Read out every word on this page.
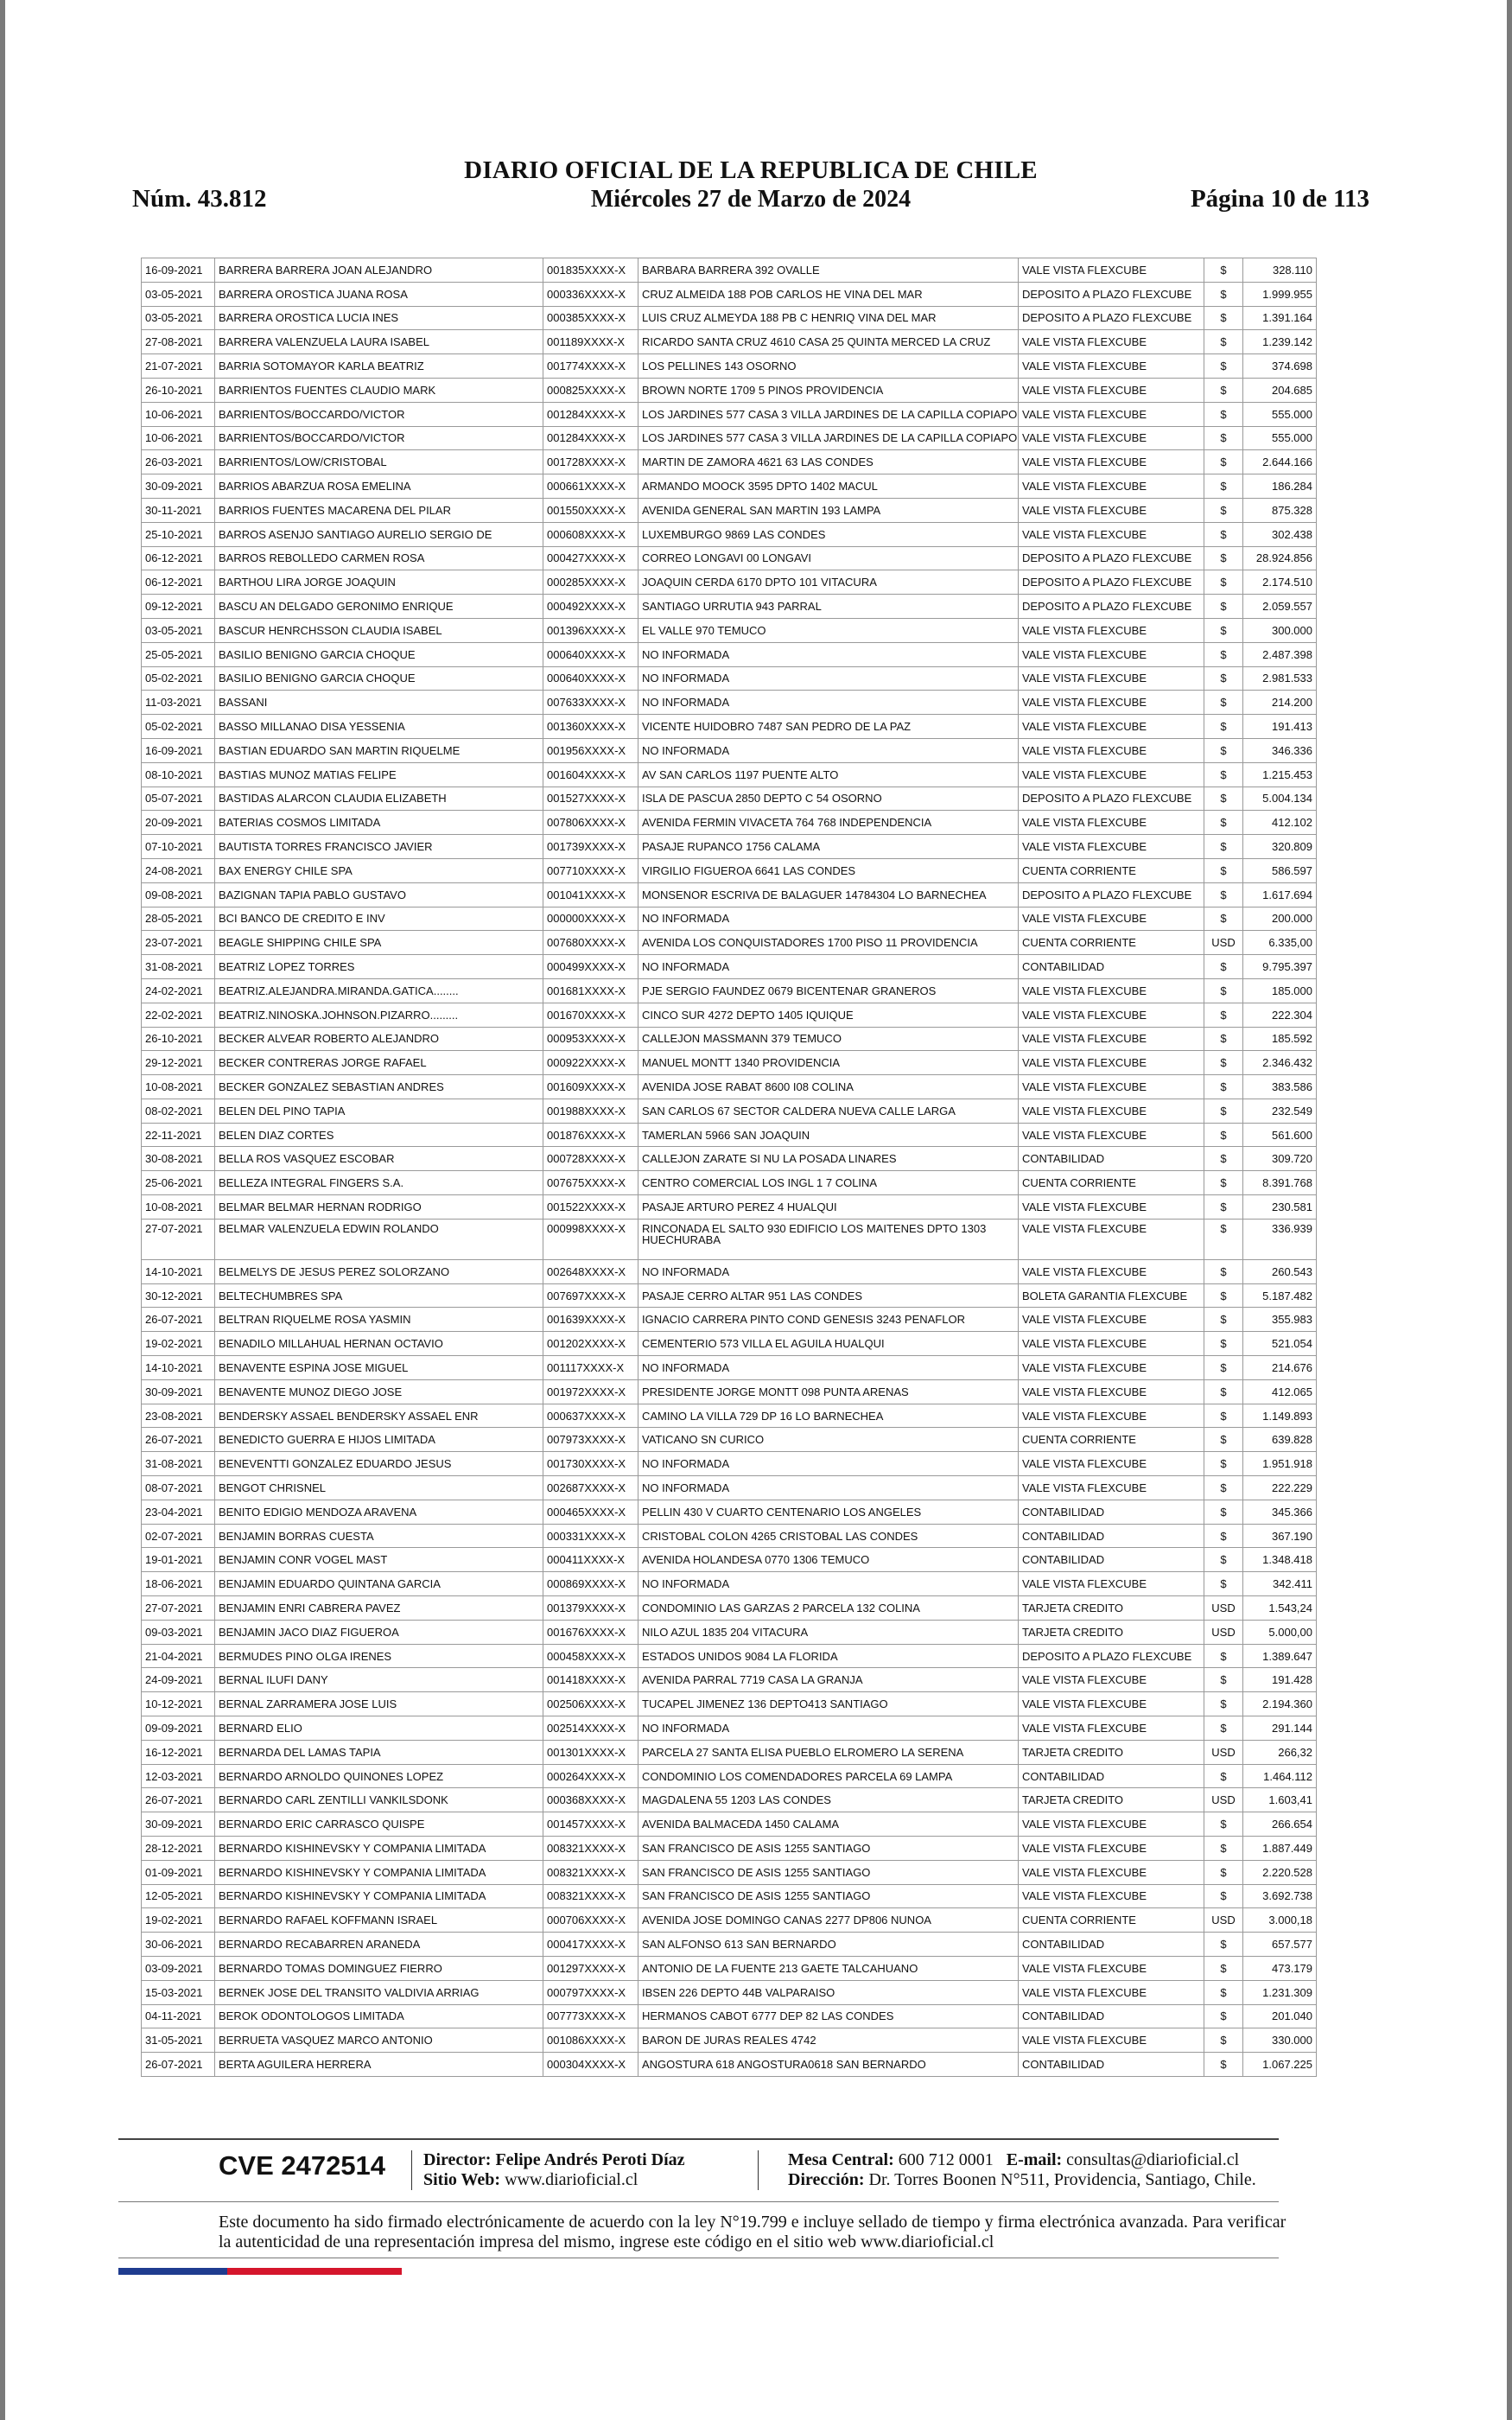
Núm. 43.812
DIARIO OFICIAL DE LA REPUBLICA DE CHILE
Miércoles 27 de Marzo de 2024	Página 10 de 113
16-09-2021	BARRERA BARRERA JOAN ALEJANDRO	001835XXXX-X	BARBARA BARRERA 392 OVALLE	VALE VISTA FLEXCUBE	$	328.110
03-05-2021	BARRERA OROSTICA JUANA ROSA	000336XXXX-X	CRUZ ALMEIDA 188 POB CARLOS HE VINA DEL MAR	DEPOSITO A PLAZO FLEXCUBE	$	1.999.955
03-05-2021	BARRERA OROSTICA LUCIA INES	000385XXXX-X	LUIS CRUZ ALMEYDA 188 PB C HENRIQ VINA DEL MAR	DEPOSITO A PLAZO FLEXCUBE	$	1.391.164
27-08-2021	BARRERA VALENZUELA LAURA ISABEL	001189XXXX-X	RICARDO SANTA CRUZ 4610 CASA 25 QUINTA MERCED LA CRUZ	VALE VISTA FLEXCUBE	$	1.239.142
21-07-2021	BARRIA SOTOMAYOR KARLA BEATRIZ	001774XXXX-X	LOS PELLINES 143 OSORNO	VALE VISTA FLEXCUBE	$	374.698
26-10-2021	BARRIENTOS FUENTES CLAUDIO MARK	000825XXXX-X	BROWN NORTE 1709 5 PINOS PROVIDENCIA	VALE VISTA FLEXCUBE	$	204.685
10-06-2021	BARRIENTOS/BOCCARDO/VICTOR	001284XXXX-X	LOS JARDINES 577 CASA 3 VILLA JARDINES DE LA CAPILLA COPIAPO	VALE VISTA FLEXCUBE	$	555.000
10-06-2021	BARRIENTOS/BOCCARDO/VICTOR	001284XXXX-X	LOS JARDINES 577 CASA 3 VILLA JARDINES DE LA CAPILLA COPIAPO	VALE VISTA FLEXCUBE	$	555.000
26-03-2021	BARRIENTOS/LOW/CRISTOBAL	001728XXXX-X	MARTIN DE ZAMORA 4621 63 LAS CONDES	VALE VISTA FLEXCUBE	$	2.644.166
30-09-2021	BARRIOS ABARZUA ROSA EMELINA	000661XXXX-X	ARMANDO MOOCK 3595 DPTO 1402 MACUL	VALE VISTA FLEXCUBE	$	186.284
30-11-2021	BARRIOS FUENTES MACARENA DEL PILAR	001550XXXX-X	AVENIDA GENERAL SAN MARTIN 193 LAMPA	VALE VISTA FLEXCUBE	$	875.328
25-10-2021	BARROS ASENJO SANTIAGO AURELIO SERGIO DE	000608XXXX-X	LUXEMBURGO 9869 LAS CONDES	VALE VISTA FLEXCUBE	$	302.438
06-12-2021	BARROS REBOLLEDO CARMEN ROSA	000427XXXX-X	CORREO LONGAVI 00 LONGAVI	DEPOSITO A PLAZO FLEXCUBE	$	28.924.856
06-12-2021	BARTHOU LIRA JORGE JOAQUIN	000285XXXX-X	JOAQUIN CERDA 6170 DPTO 101 VITACURA	DEPOSITO A PLAZO FLEXCUBE	$	2.174.510
09-12-2021	BASCU AN DELGADO GERONIMO ENRIQUE	000492XXXX-X	SANTIAGO URRUTIA 943 PARRAL	DEPOSITO A PLAZO FLEXCUBE	$	2.059.557
03-05-2021	BASCUR HENRCHSSON CLAUDIA ISABEL	001396XXXX-X	EL VALLE 970 TEMUCO	VALE VISTA FLEXCUBE	$	300.000
25-05-2021	BASILIO BENIGNO GARCIA CHOQUE	000640XXXX-X	NO INFORMADA	VALE VISTA FLEXCUBE	$	2.487.398
05-02-2021	BASILIO BENIGNO GARCIA CHOQUE	000640XXXX-X	NO INFORMADA	VALE VISTA FLEXCUBE	$	2.981.533
11-03-2021	BASSANI	007633XXXX-X	NO INFORMADA	VALE VISTA FLEXCUBE	$	214.200
05-02-2021	BASSO MILLANAO DISA YESSENIA	001360XXXX-X	VICENTE HUIDOBRO 7487 SAN PEDRO DE LA PAZ	VALE VISTA FLEXCUBE	$	191.413
16-09-2021	BASTIAN EDUARDO SAN MARTIN RIQUELME	001956XXXX-X	NO INFORMADA	VALE VISTA FLEXCUBE	$	346.336
08-10-2021	BASTIAS MUNOZ MATIAS FELIPE	001604XXXX-X	AV SAN CARLOS 1197 PUENTE ALTO	VALE VISTA FLEXCUBE	$	1.215.453
05-07-2021	BASTIDAS ALARCON CLAUDIA ELIZABETH	001527XXXX-X	ISLA DE PASCUA 2850 DEPTO C 54 OSORNO	DEPOSITO A PLAZO FLEXCUBE	$	5.004.134
20-09-2021	BATERIAS COSMOS LIMITADA	007806XXXX-X	AVENIDA FERMIN VIVACETA 764 768 INDEPENDENCIA	VALE VISTA FLEXCUBE	$	412.102
07-10-2021	BAUTISTA TORRES FRANCISCO JAVIER	001739XXXX-X	PASAJE RUPANCO 1756 CALAMA	VALE VISTA FLEXCUBE	$	320.809
24-08-2021	BAX ENERGY CHILE SPA	007710XXXX-X	VIRGILIO FIGUEROA 6641 LAS CONDES	CUENTA CORRIENTE	$	586.597
09-08-2021	BAZIGNAN TAPIA PABLO GUSTAVO	001041XXXX-X	MONSENOR ESCRIVA DE BALAGUER 14784304 LO BARNECHEA	DEPOSITO A PLAZO FLEXCUBE	$	1.617.694
28-05-2021	BCI BANCO DE CREDITO E INV	000000XXXX-X	NO INFORMADA	VALE VISTA FLEXCUBE	$	200.000
23-07-2021	BEAGLE SHIPPING CHILE SPA	007680XXXX-X	AVENIDA LOS CONQUISTADORES 1700 PISO 11 PROVIDENCIA	CUENTA CORRIENTE	USD	6.335,00
31-08-2021	BEATRIZ LOPEZ TORRES	000499XXXX-X	NO INFORMADA	CONTABILIDAD	$	9.795.397
24-02-2021	BEATRIZ.ALEJANDRA.MIRANDA.GATICA........	001681XXXX-X	PJE SERGIO FAUNDEZ 0679 BICENTENAR GRANEROS	VALE VISTA FLEXCUBE	$	185.000
22-02-2021	BEATRIZ.NINOSKA.JOHNSON.PIZARRO.........	001670XXXX-X	CINCO SUR 4272 DEPTO 1405 IQUIQUE	VALE VISTA FLEXCUBE	$	222.304
26-10-2021	BECKER ALVEAR ROBERTO ALEJANDRO	000953XXXX-X	CALLEJON MASSMANN 379 TEMUCO	VALE VISTA FLEXCUBE	$	185.592
29-12-2021	BECKER CONTRERAS JORGE RAFAEL	000922XXXX-X	MANUEL MONTT 1340 PROVIDENCIA	VALE VISTA FLEXCUBE	$	2.346.432
10-08-2021	BECKER GONZALEZ SEBASTIAN ANDRES	001609XXXX-X	AVENIDA JOSE RABAT 8600 I08 COLINA	VALE VISTA FLEXCUBE	$	383.586
08-02-2021	BELEN DEL PINO TAPIA	001988XXXX-X	SAN CARLOS 67 SECTOR CALDERA NUEVA CALLE LARGA	VALE VISTA FLEXCUBE	$	232.549
22-11-2021	BELEN DIAZ CORTES	001876XXXX-X	TAMERLAN 5966 SAN JOAQUIN	VALE VISTA FLEXCUBE	$	561.600
30-08-2021	BELLA ROS VASQUEZ ESCOBAR	000728XXXX-X	CALLEJON ZARATE SI NU LA POSADA LINARES	CONTABILIDAD	$	309.720
25-06-2021	BELLEZA INTEGRAL FINGERS S.A.	007675XXXX-X	CENTRO COMERCIAL LOS INGL 1 7 COLINA	CUENTA CORRIENTE	$	8.391.768
10-08-2021	BELMAR BELMAR HERNAN RODRIGO	001522XXXX-X	PASAJE ARTURO PEREZ 4 HUALQUI	VALE VISTA FLEXCUBE	$	230.581
27-07-2021	BELMAR VALENZUELA EDWIN ROLANDO	000998XXXX-X	RINCONADA EL SALTO 930 EDIFICIO LOS MAITENES DPTO 1303 HUECHURABA	VALE VISTA FLEXCUBE	$	336.939
14-10-2021	BELMELYS DE JESUS PEREZ SOLORZANO	002648XXXX-X	NO INFORMADA	VALE VISTA FLEXCUBE	$	260.543
30-12-2021	BELTECHUMBRES SPA	007697XXXX-X	PASAJE CERRO ALTAR 951 LAS CONDES	BOLETA GARANTIA FLEXCUBE	$	5.187.482
26-07-2021	BELTRAN RIQUELME ROSA YASMIN	001639XXXX-X	IGNACIO CARRERA PINTO COND GENESIS 3243 PENAFLOR	VALE VISTA FLEXCUBE	$	355.983
19-02-2021	BENADILO MILLAHUAL HERNAN OCTAVIO	001202XXXX-X	CEMENTERIO 573 VILLA EL AGUILA HUALQUI	VALE VISTA FLEXCUBE	$	521.054
14-10-2021	BENAVENTE ESPINA JOSE MIGUEL	001117XXXX-X	NO INFORMADA	VALE VISTA FLEXCUBE	$	214.676
30-09-2021	BENAVENTE MUNOZ DIEGO JOSE	001972XXXX-X	PRESIDENTE JORGE MONTT 098 PUNTA ARENAS	VALE VISTA FLEXCUBE	$	412.065
23-08-2021	BENDERSKY ASSAEL BENDERSKY ASSAEL ENR	000637XXXX-X	CAMINO LA VILLA 729 DP 16 LO BARNECHEA	VALE VISTA FLEXCUBE	$	1.149.893
26-07-2021	BENEDICTO GUERRA E HIJOS LIMITADA	007973XXXX-X	VATICANO SN CURICO	CUENTA CORRIENTE	$	639.828
31-08-2021	BENEVENTTI GONZALEZ EDUARDO JESUS	001730XXXX-X	NO INFORMADA	VALE VISTA FLEXCUBE	$	1.951.918
08-07-2021	BENGOT CHRISNEL	002687XXXX-X	NO INFORMADA	VALE VISTA FLEXCUBE	$	222.229
23-04-2021	BENITO EDIGIO MENDOZA ARAVENA	000465XXXX-X	PELLIN 430 V CUARTO CENTENARIO LOS ANGELES	CONTABILIDAD	$	345.366
02-07-2021	BENJAMIN BORRAS CUESTA	000331XXXX-X	CRISTOBAL COLON 4265 CRISTOBAL LAS CONDES	CONTABILIDAD	$	367.190
19-01-2021	BENJAMIN CONR VOGEL MAST	000411XXXX-X	AVENIDA HOLANDESA 0770 1306 TEMUCO	CONTABILIDAD	$	1.348.418
18-06-2021	BENJAMIN EDUARDO QUINTANA GARCIA	000869XXXX-X	NO INFORMADA	VALE VISTA FLEXCUBE	$	342.411
27-07-2021	BENJAMIN ENRI CABRERA PAVEZ	001379XXXX-X	CONDOMINIO LAS GARZAS 2 PARCELA 132 COLINA	TARJETA CREDITO	USD	1.543,24
09-03-2021	BENJAMIN JACO DIAZ FIGUEROA	001676XXXX-X	NILO AZUL 1835 204 VITACURA	TARJETA CREDITO	USD	5.000,00
21-04-2021	BERMUDES PINO OLGA IRENES	000458XXXX-X	ESTADOS UNIDOS 9084 LA FLORIDA	DEPOSITO A PLAZO FLEXCUBE	$	1.389.647
24-09-2021	BERNAL ILUFI DANY	001418XXXX-X	AVENIDA PARRAL 7719 CASA LA GRANJA	VALE VISTA FLEXCUBE	$	191.428
10-12-2021	BERNAL ZARRAMERA JOSE LUIS	002506XXXX-X	TUCAPEL JIMENEZ 136 DEPTO413 SANTIAGO	VALE VISTA FLEXCUBE	$	2.194.360
09-09-2021	BERNARD ELIO	002514XXXX-X	NO INFORMADA	VALE VISTA FLEXCUBE	$	291.144
16-12-2021	BERNARDA DEL LAMAS TAPIA	001301XXXX-X	PARCELA 27 SANTA ELISA PUEBLO ELROMERO LA SERENA	TARJETA CREDITO	USD	266,32
12-03-2021	BERNARDO ARNOLDO QUINONES LOPEZ	000264XXXX-X	CONDOMINIO LOS COMENDADORES PARCELA 69 LAMPA	CONTABILIDAD	$	1.464.112
26-07-2021	BERNARDO CARL ZENTILLI VANKILSDONK	000368XXXX-X	MAGDALENA 55 1203 LAS CONDES	TARJETA CREDITO	USD	1.603,41
30-09-2021	BERNARDO ERIC CARRASCO QUISPE	001457XXXX-X	AVENIDA BALMACEDA 1450 CALAMA	VALE VISTA FLEXCUBE	$	266.654
28-12-2021	BERNARDO KISHINEVSKY Y COMPANIA LIMITADA	008321XXXX-X	SAN FRANCISCO DE ASIS 1255 SANTIAGO	VALE VISTA FLEXCUBE	$	1.887.449
01-09-2021	BERNARDO KISHINEVSKY Y COMPANIA LIMITADA	008321XXXX-X	SAN FRANCISCO DE ASIS 1255 SANTIAGO	VALE VISTA FLEXCUBE	$	2.220.528
12-05-2021	BERNARDO KISHINEVSKY Y COMPANIA LIMITADA	008321XXXX-X	SAN FRANCISCO DE ASIS 1255 SANTIAGO	VALE VISTA FLEXCUBE	$	3.692.738
19-02-2021	BERNARDO RAFAEL KOFFMANN ISRAEL	000706XXXX-X	AVENIDA JOSE DOMINGO CANAS 2277 DP806 NUNOA	CUENTA CORRIENTE	USD	3.000,18
30-06-2021	BERNARDO RECABARREN ARANEDA	000417XXXX-X	SAN ALFONSO 613 SAN BERNARDO	CONTABILIDAD	$	657.577
03-09-2021	BERNARDO TOMAS DOMINGUEZ FIERRO	001297XXXX-X	ANTONIO DE LA FUENTE 213 GAETE TALCAHUANO	VALE VISTA FLEXCUBE	$	473.179
15-03-2021	BERNEK JOSE DEL TRANSITO VALDIVIA ARRIAG	000797XXXX-X	IBSEN 226 DEPTO 44B VALPARAISO	VALE VISTA FLEXCUBE	$	1.231.309
04-11-2021	BEROK ODONTOLOGOS LIMITADA	007773XXXX-X	HERMANOS CABOT 6777 DEP 82 LAS CONDES	CONTABILIDAD	$	201.040
31-05-2021	BERRUETA VASQUEZ MARCO ANTONIO	001086XXXX-X	BARON DE JURAS REALES 4742	VALE VISTA FLEXCUBE	$	330.000
26-07-2021	BERTA AGUILERA HERRERA	000304XXXX-X	ANGOSTURA 618 ANGOSTURA0618 SAN BERNARDO	CONTABILIDAD	$	1.067.225
CVE 2472514 Director: Felipe Andrés Peroti Díaz
Sitio Web: www.diarioficial.cl
Mesa Central: 600 712 0001 E-mail: consultas@diarioficial.cl
Dirección: Dr. Torres Boonen N°511, Providencia, Santiago, Chile.
Este documento ha sido firmado electrónicamente de acuerdo con la ley N°19.799 e incluye sellado de tiempo y firma electrónica avanzada. Para verificar la autenticidad de una representación impresa del mismo, ingrese este código en el sitio web www.diarioficial.cl
